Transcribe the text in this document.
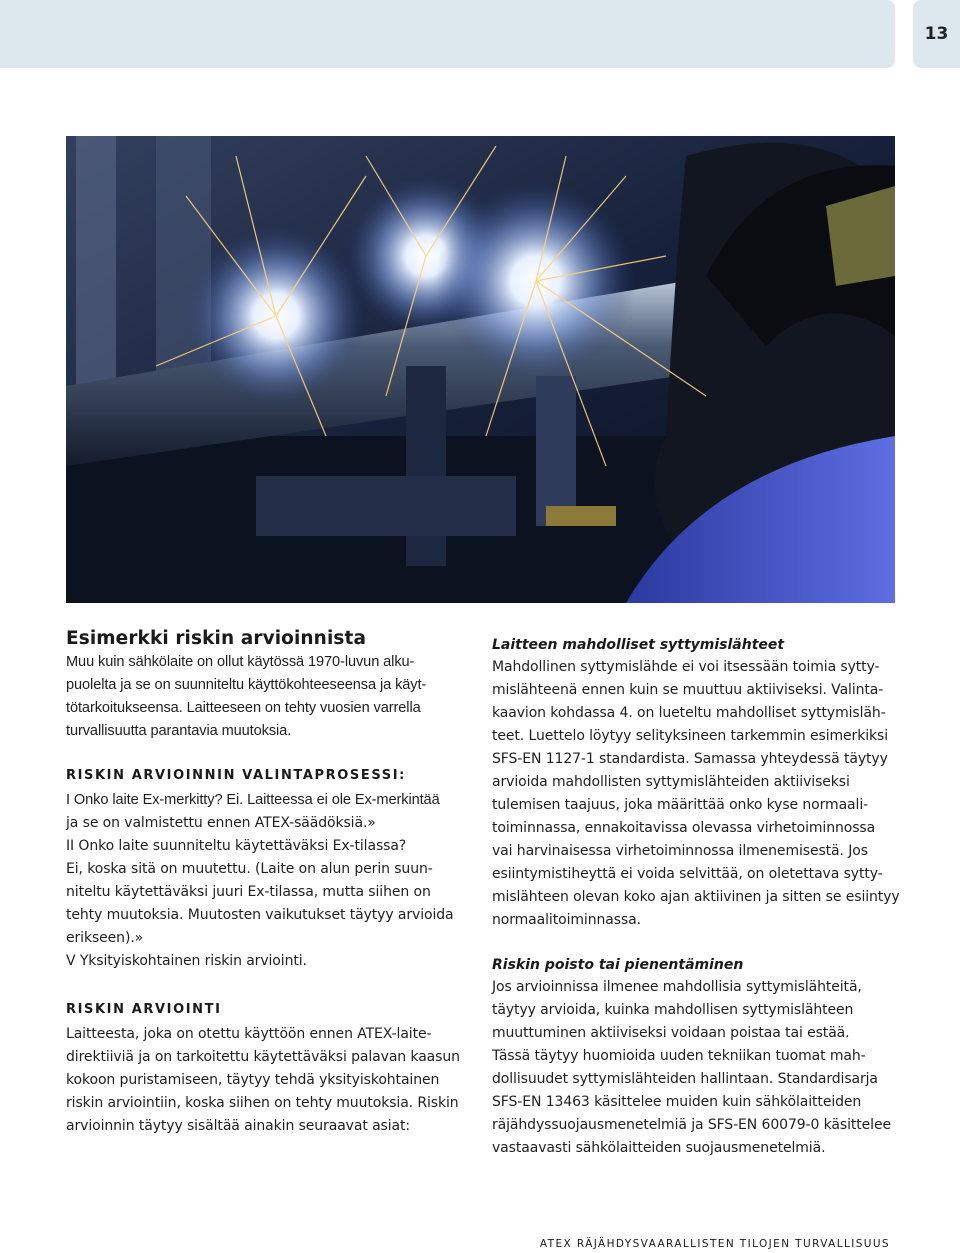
13
Esimerkki riskin arvioinnista

Muu kuin sähkölaite on ollut käytössä 1970-luvun alku-

puolelta ja se on suunniteltu käyttökohteeseensa ja käyt-

tötarkoitukseensa. Laitteeseen on tehty vuosien varrella

turvallisuutta parantavia muutoksia.

RISKIN ARVIOINNIN VALINTAPROSESSI:

I Onko laite Ex-merkitty? Ei. Laitteessa ei ole Ex-merkintää

ja se on valmistettu ennen ATEX-säädöksiä.»

II Onko laite suunniteltu käytettäväksi Ex-tilassa?

Ei, koska sitä on muutettu. (Laite on alun perin suun-

niteltu käytettäväksi juuri Ex-tilassa, mutta siihen on

tehty muutoksia. Muutosten vaikutukset täytyy arvioida

erikseen).»

V Yksityiskohtainen riskin arviointi.

RISKIN ARVIOINTI

Laitteesta, joka on otettu käyttöön ennen ATEX-laite-

direktiiviä ja on tarkoitettu käytettäväksi palavan kaasun

kokoon puristamiseen, täytyy tehdä yksityiskohtainen

riskin arviointiin, koska siihen on tehty muutoksia. Riskin

arvioinnin täytyy sisältää ainakin seuraavat asiat:

Laitteen mahdolliset syttymislähteet

Mahdollinen syttymislähde ei voi itsessään toimia sytty-

mislähteenä ennen kuin se muuttuu aktiiviseksi. Valinta-

kaavion kohdassa 4. on lueteltu mahdolliset syttymisläh-

teet. Luettelo löytyy selityksineen tarkemmin esimerkiksi

SFS-EN 1127-1 standardista. Samassa yhteydessä täytyy

arvioida mahdollisten syttymislähteiden aktiiviseksi

tulemisen taajuus, joka määrittää onko kyse normaali-

toiminnassa, ennakoitavissa olevassa virhetoiminnossa

vai harvinaisessa virhetoiminnossa ilmenemisestä. Jos

esiintymistiheyttä ei voida selvittää, on oletettava sytty-

mislähteen olevan koko ajan aktiivinen ja sitten se esiintyy

normaalitoiminnassa.

Riskin poisto tai pienentäminen

Jos arvioinnissa ilmenee mahdollisia syttymislähteitä,

täytyy arvioida, kuinka mahdollisen syttymislähteen

muuttuminen aktiiviseksi voidaan poistaa tai estää.

Tässä täytyy huomioida uuden tekniikan tuomat mah-

dollisuudet syttymislähteiden hallintaan. Standardisarja

SFS-EN 13463 käsittelee muiden kuin sähkölaitteiden

räjähdyssuojausmenetelmiä ja SFS-EN 60079-0 käsittelee

vastaavasti sähkölaitteiden suojausmenetelmiä.

ATEX RÄJÄHDYSVAARALLISTEN TILOJEN TURVALLISUUS
